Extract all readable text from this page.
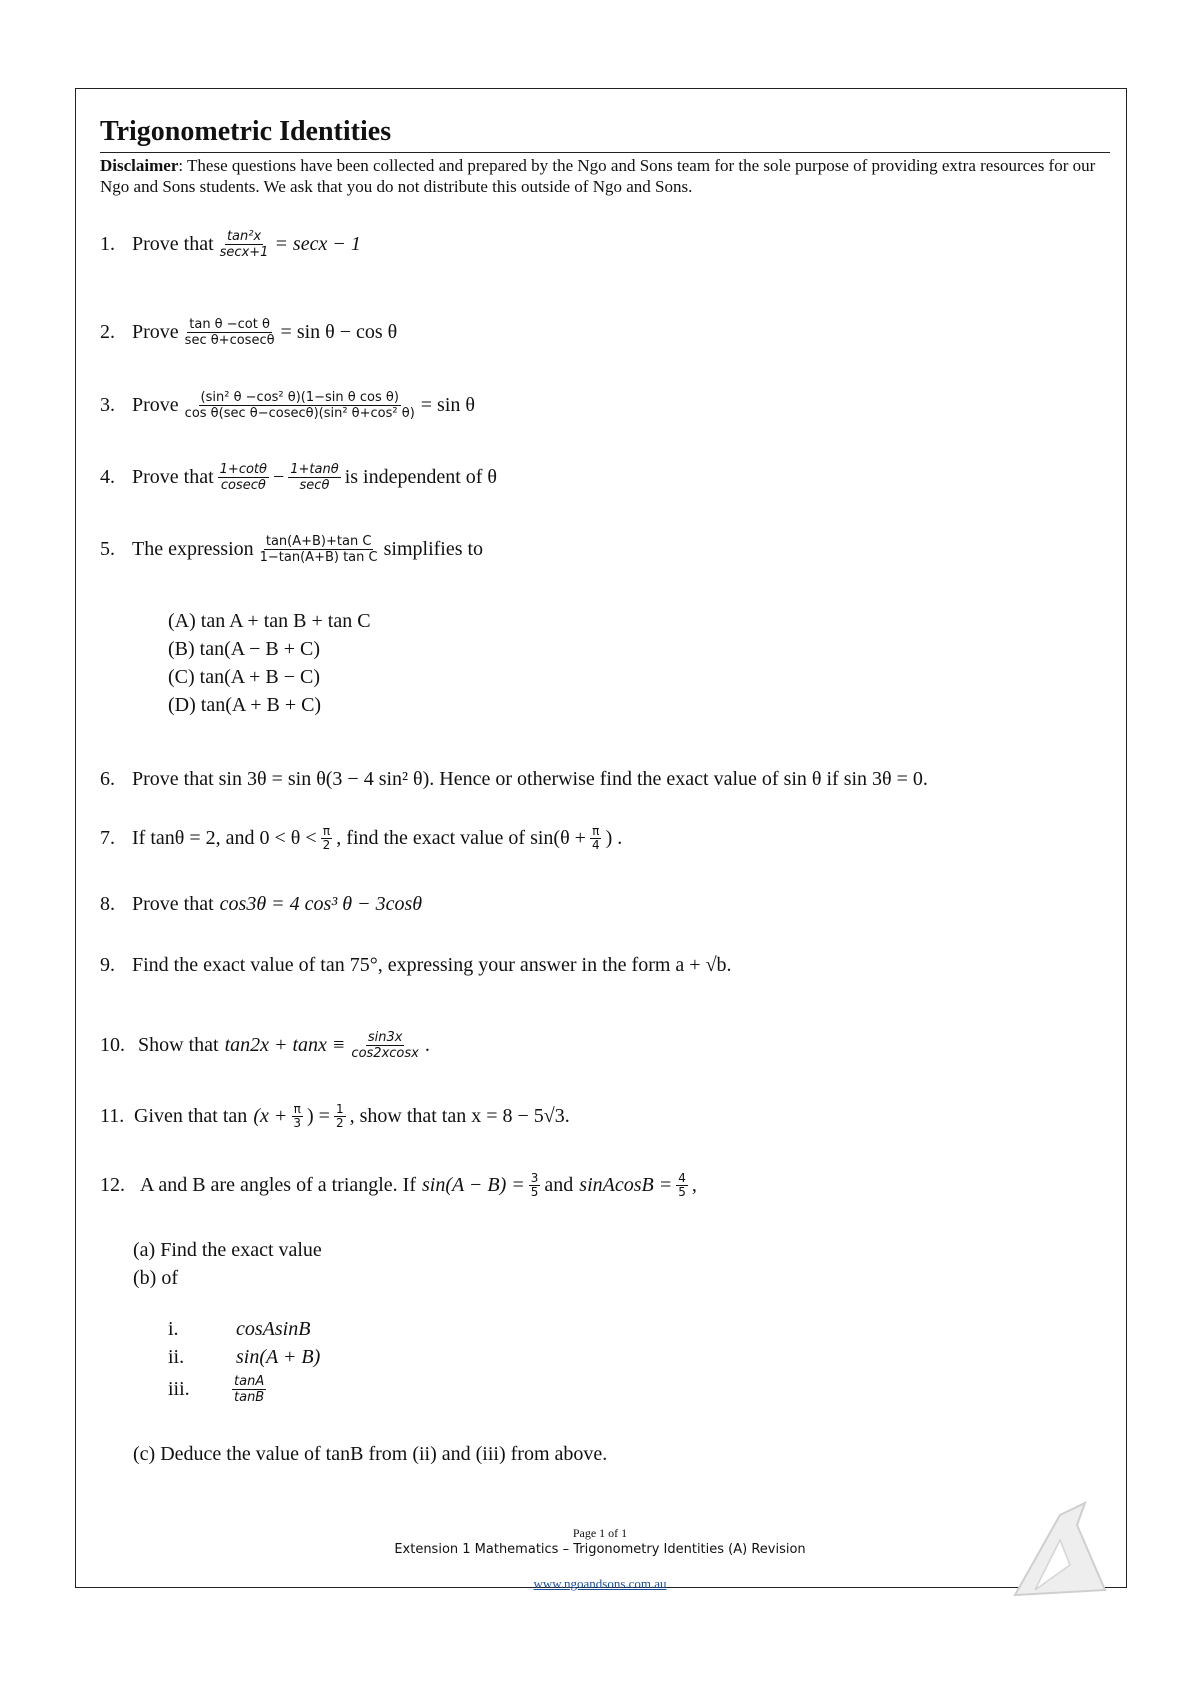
Trigonometric Identities
Disclaimer: These questions have been collected and prepared by the Ngo and Sons team for the sole purpose of providing extra resources for our Ngo and Sons students. We ask that you do not distribute this outside of Ngo and Sons.
1. Prove that $\frac{\text{tan²x}}{\sec x+1} = \sec x - 1$
2. Prove $\frac{\text{tan θ −cot θ}}{\text{sec θ+cosecθ}} = \sin \theta - \cos \theta$
3. Prove $\frac{\text{(sin² θ −cos² θ)(1−sin θ cos θ)}}{\text{cos θ(sec θ−cosecθ)(sin² θ+cos² θ)}} = \sin \theta$
4. Prove that $\frac{1+\cot\theta}{cosec\theta} - \frac{1+\tan\theta}{\sec\theta}$ is independent of θ
5. The expression $\frac{\text{tan(A+B)+tan C}}{\text{1−tan(A+B) tan C}}$ simplifies to
(A) tan A + tan B + tan C
(B) tan(A − B + C)
(C) tan(A + B − C)
(D) tan(A + B + C)
6. Prove that sin 3θ = sin θ(3 − 4 sin² θ). Hence or otherwise find the exact value of sin θ if sin 3θ = 0.
7. If tanθ = 2, and $0 < \theta < \frac{\pi}{2}$ , find the exact value of $\sin(\theta + \frac{\pi}{4}$ ) .
8. Prove that cos3θ = 4 cos³ θ − 3cosθ
9. Find the exact value of tan 75°, expressing your answer in the form a + √b.
10. Show that $\tan 2x + \tan x \equiv \frac{\sin 3x}{\cos 2xcosx}$ .
11. Given that $\tan (x + \frac{\pi}{3}$ ) = $\frac{1}{2}$ , show that tan x = 8 − 5√3.
12. A and B are angles of a triangle. If $\sin(A - B) = \frac{3}{5}$ and sinAcosB = $\frac{4}{5}$ ,
(a) Find the exact value
(b) of
i.	cosAsinB
ii.	sin(A + B)
iii.	$\frac{\tan A}{\tan B}$
(c) Deduce the value of tanB from (ii) and (iii) from above.
Page 1 of 1
Extension 1 Mathematics – Trigonometry Identities (A) Revision
www.ngoandsons.com.au
